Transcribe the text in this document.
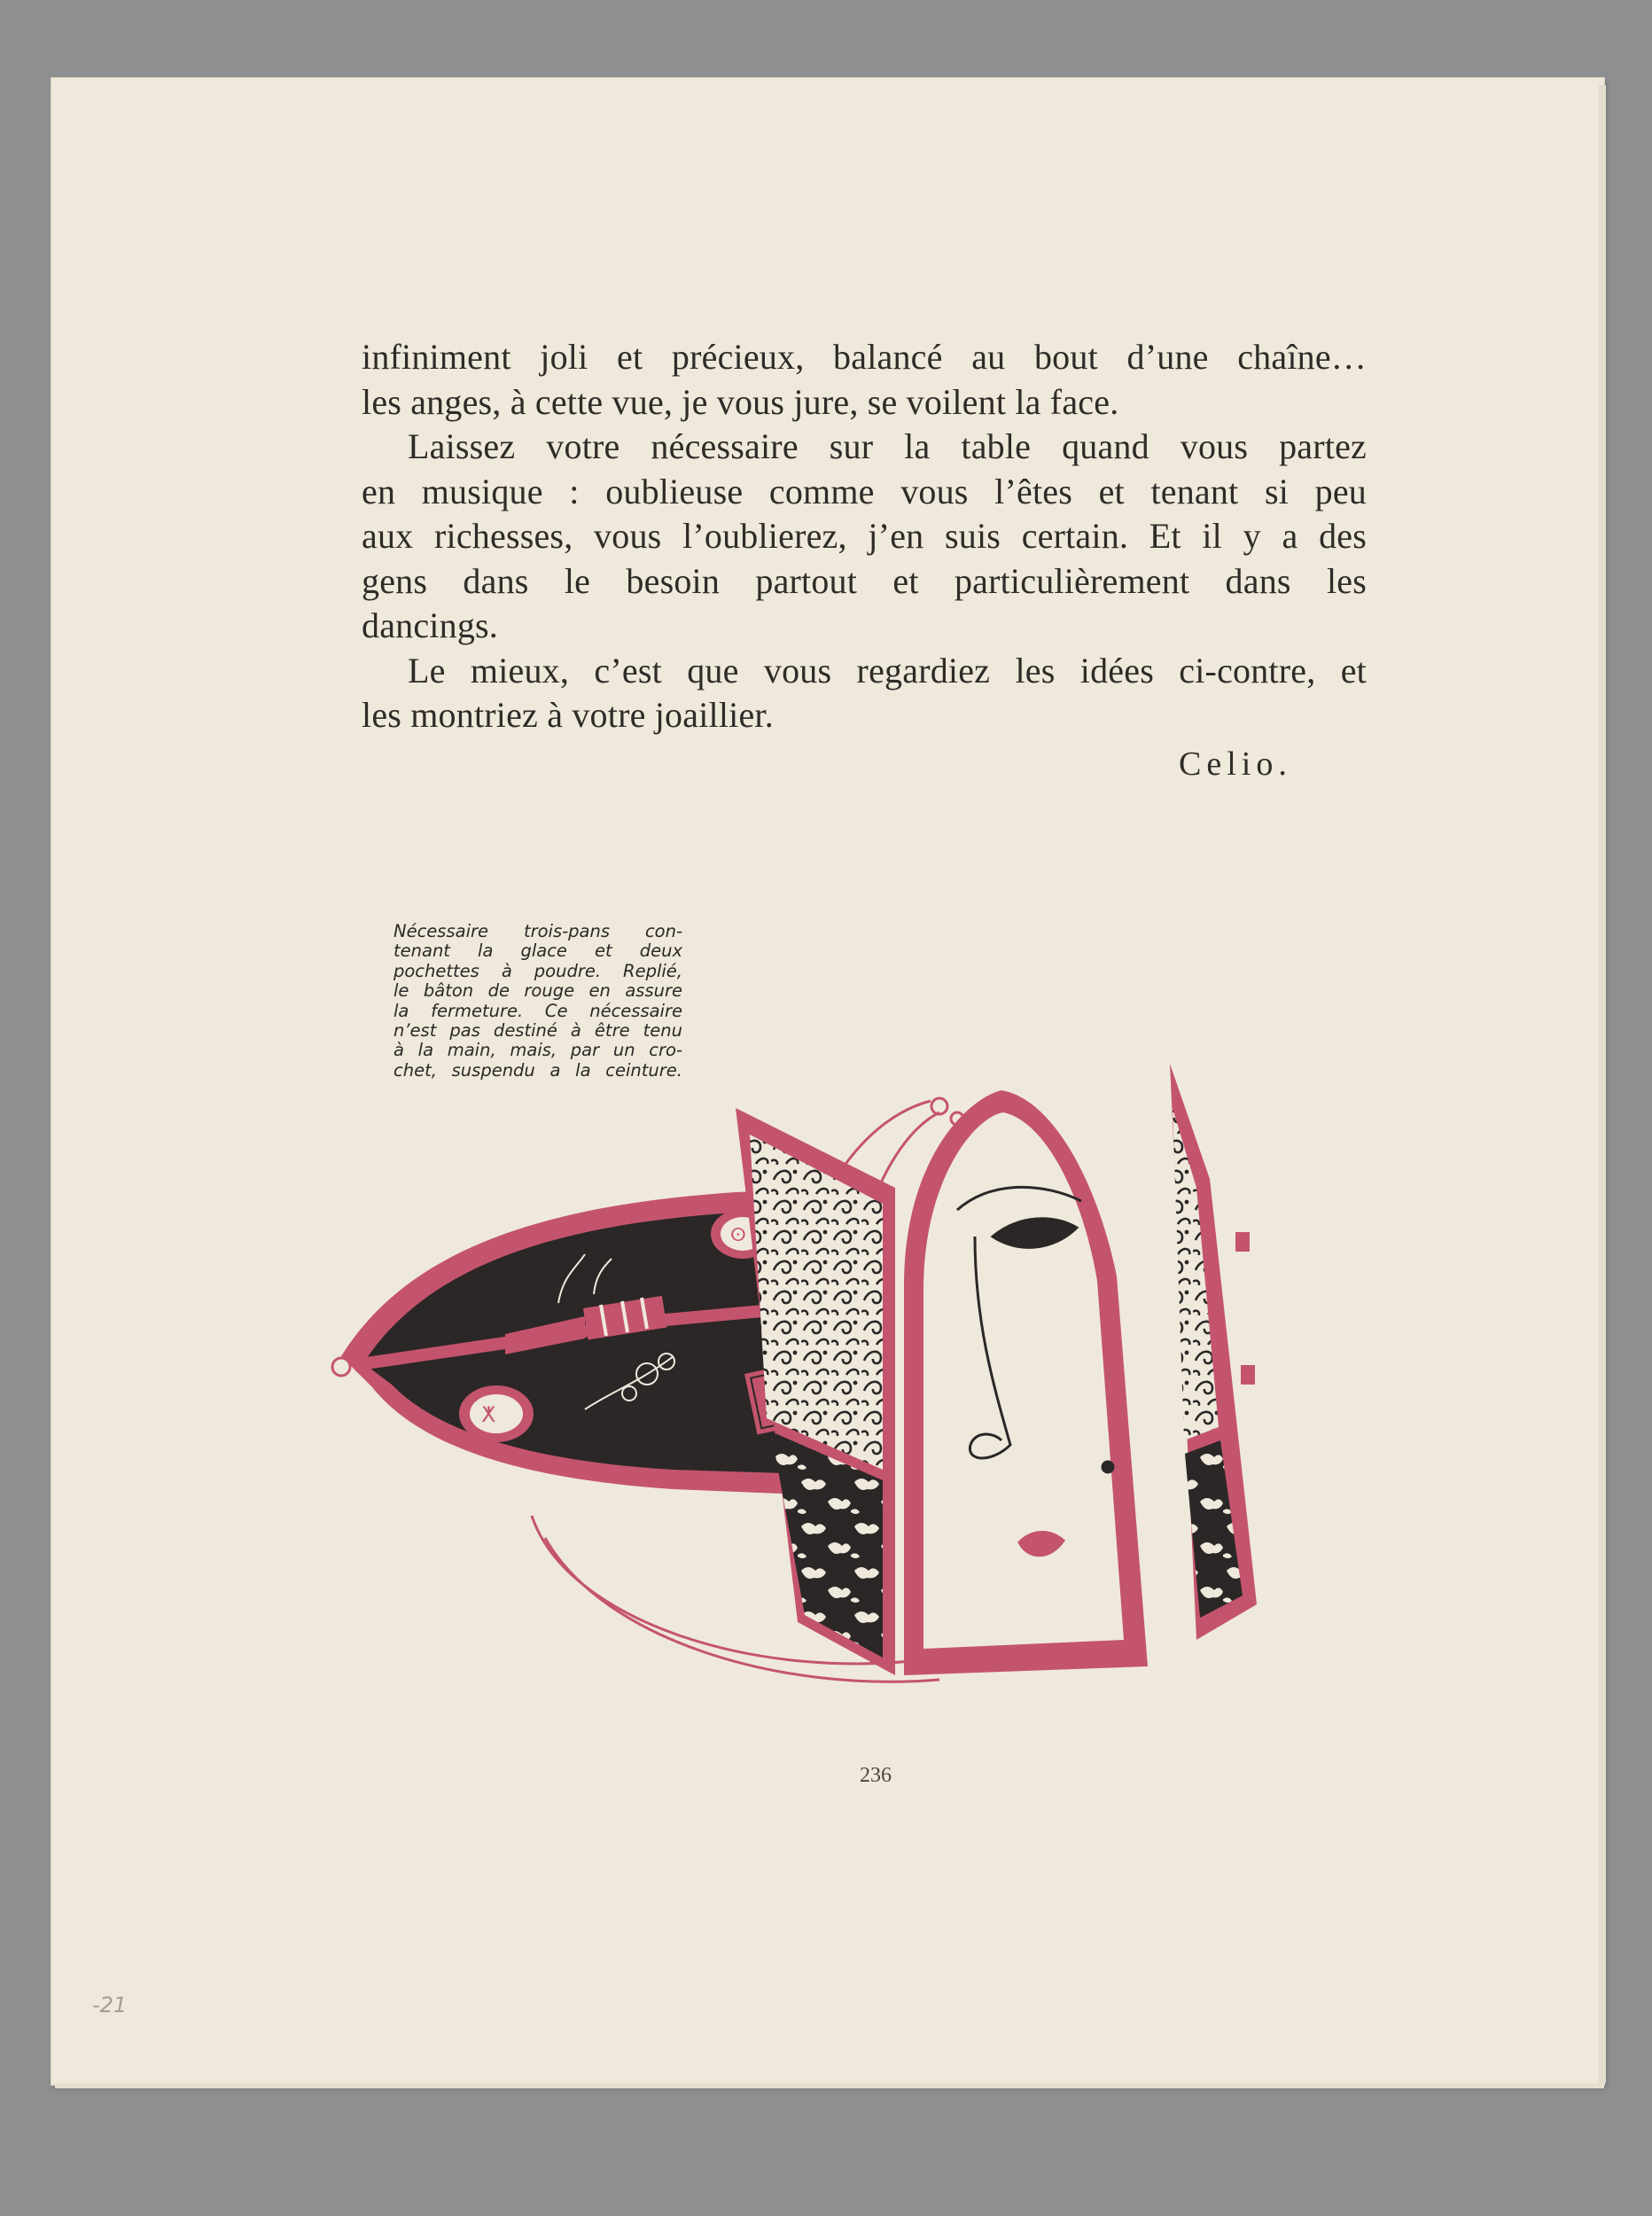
infiniment joli et précieux, balancé au bout d’une chaîne…
les anges, à cette vue, je vous jure, se voilent la face.
Laissez votre nécessaire sur la table quand vous partez
en musique : oublieuse comme vous l’êtes et tenant si peu
aux richesses, vous l’oublierez, j’en suis certain. Et il y a des
gens dans le besoin partout et particulièrement dans les
dancings.
Le mieux, c’est que vous regardiez les idées ci-contre, et
les montriez à votre joaillier.
Celio.
Nécessaire trois-pans con-
tenant la glace et deux
pochettes à poudre. Replié,
le bâton de rouge en assure
la fermeture. Ce nécessaire
n’est pas destiné à être tenu
à la main, mais, par un cro-
chet, suspendu a la ceinture.
ⵅ
ⵙ
236
-21
